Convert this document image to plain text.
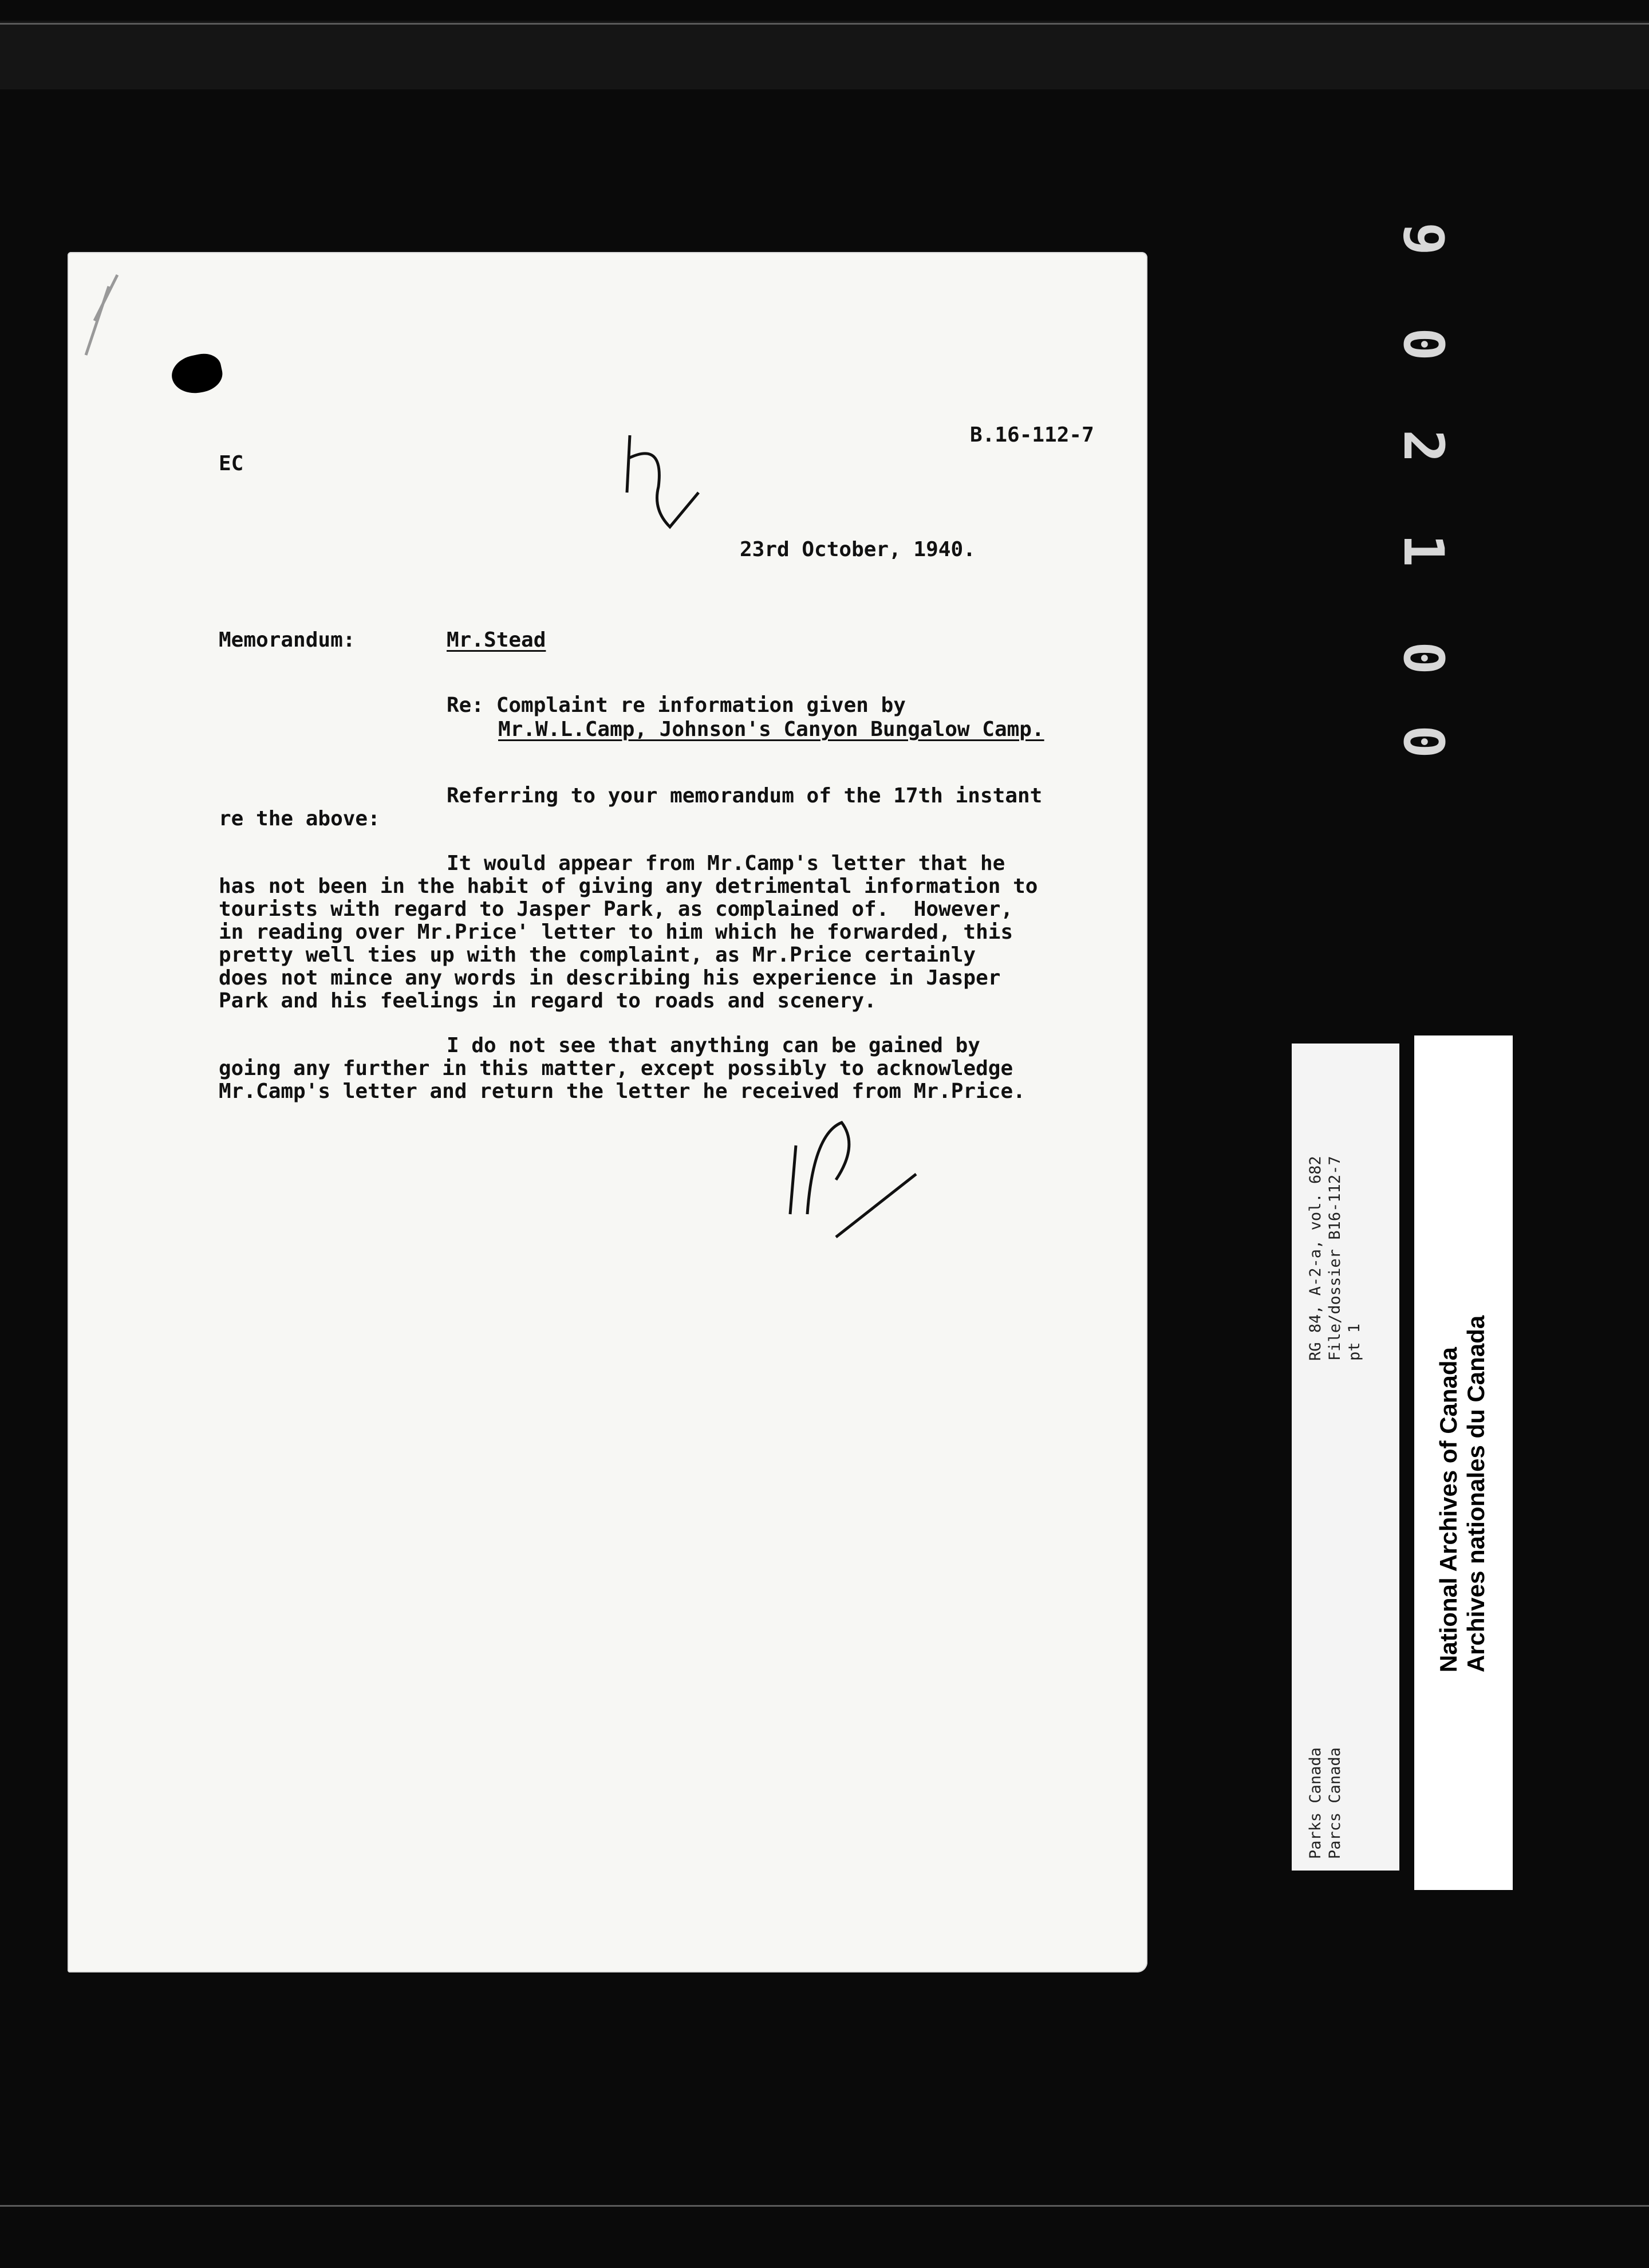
B.16-112-7
EC
23rd October, 1940.
Memorandum:	Mr.Stead
Re: Complaint re information given by
Mr.W.L.Camp, Johnson's Canyon Bungalow Camp.
Referring to your memorandum of the 17th instant
re the above:
It would appear from Mr.Camp's letter that he
has not been in the habit of giving any detrimental information to
tourists with regard to Jasper Park, as complained of.  However,
in reading over Mr.Price' letter to him which he forwarded, this
pretty well ties up with the complaint, as Mr.Price certainly
does not mince any words in describing his experience in Jasper
Park and his feelings in regard to roads and scenery.
I do not see that anything can be gained by
going any further in this matter, except possibly to acknowledge
Mr.Camp's letter and return the letter he received from Mr.Price.
0
0
1
2
0
9
Parks Canada Parcs Canada
RG 84, A-2-a, vol. 682 File/dossier B16-112-7 pt 1
National Archives of Canada Archives nationales du Canada
